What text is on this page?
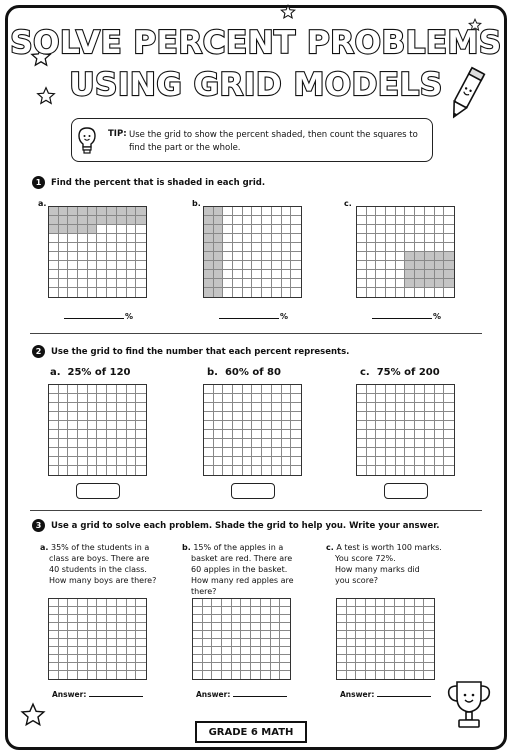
SOLVE PERCENT PROBLEMS
USING GRID MODELS
TIP: Use the grid to show the percent shaded, then count the squares to find the part or the whole.
1	Find the percent that is shaded in each grid.
a.	b.	c.
%	%	%
2	Use the grid to find the number that each percent represents.
a. 25% of 120	b. 60% of 80	c. 75% of 200
3	Use a grid to solve each problem. Shade the grid to help you. Write your answer.
a. 35% of the students in a
class are boys. There are
40 students in the class.
How many boys are there?
b. 15% of the apples in a
basket are red. There are
60 apples in the basket.
How many red apples are
there?
c. A test is worth 100 marks.
You score 72%.
How many marks did
you score?
Answer:	Answer:	Answer:
GRADE 6 MATH
